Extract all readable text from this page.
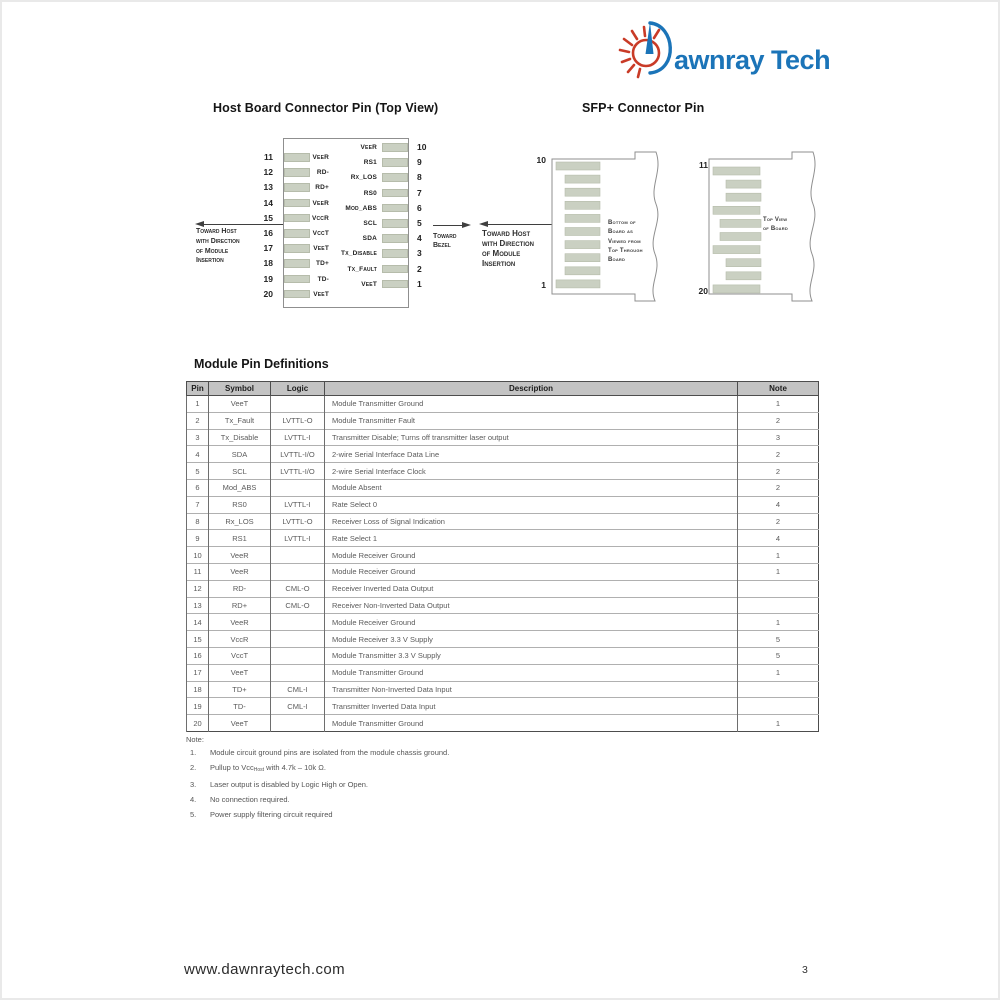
awnray Tech
Host Board Connector Pin (Top View)	SFP+ Connector Pin
11	VeeR
12	RD-
13	RD+
14	VeeR
15	VccR
16	VccT
17	VeeT
18	TD+
19	TD-
20	VeeT
VeeR	10
RS1	9
Rx_LOS	8
RS0	7
Mod_ABS	6
SCL	5
SDA	4
Tx_Disable	3
Tx_Fault	2
VeeT	1
Toward Host
with Direction
of Module
Insertion
Toward
Bezel
Toward Host
with Direction
of Module
Insertion
10
1
Bottom of
Board as
Viewed from
Top Through
Board
11
20
Top View
of Board
Module Pin Definitions
Pin	Symbol	Logic	Description	Note
1	VeeT		Module Transmitter Ground	1
2	Tx_Fault	LVTTL-O	Module Transmitter Fault	2
3	Tx_Disable	LVTTL-I	Transmitter Disable; Turns off transmitter laser output	3
4	SDA	LVTTL-I/O	2-wire Serial Interface Data Line	2
5	SCL	LVTTL-I/O	2-wire Serial Interface Clock	2
6	Mod_ABS		Module Absent	2
7	RS0	LVTTL-I	Rate Select 0	4
8	Rx_LOS	LVTTL-O	Receiver Loss of Signal Indication	2
9	RS1	LVTTL-I	Rate Select 1	4
10	VeeR		Module Receiver Ground	1
11	VeeR		Module Receiver Ground	1
12	RD-	CML-O	Receiver Inverted Data Output	
13	RD+	CML-O	Receiver Non-Inverted Data Output	
14	VeeR		Module Receiver Ground	1
15	VccR		Module Receiver 3.3 V Supply	5
16	VccT		Module Transmitter 3.3 V Supply	5
17	VeeT		Module Transmitter Ground	1
18	TD+	CML-I	Transmitter Non-Inverted Data Input	
19	TD-	CML-I	Transmitter Inverted Data Input	
20	VeeT		Module Transmitter Ground	1
Note:
1. Module circuit ground pins are isolated from the module chassis ground.
2. Pullup to Vcc$_{Host}$ with 4.7k – 10k Ω.
3. Laser output is disabled by Logic High or Open.
4. No connection required.
5. Power supply filtering circuit required
www.dawnraytech.com	3
